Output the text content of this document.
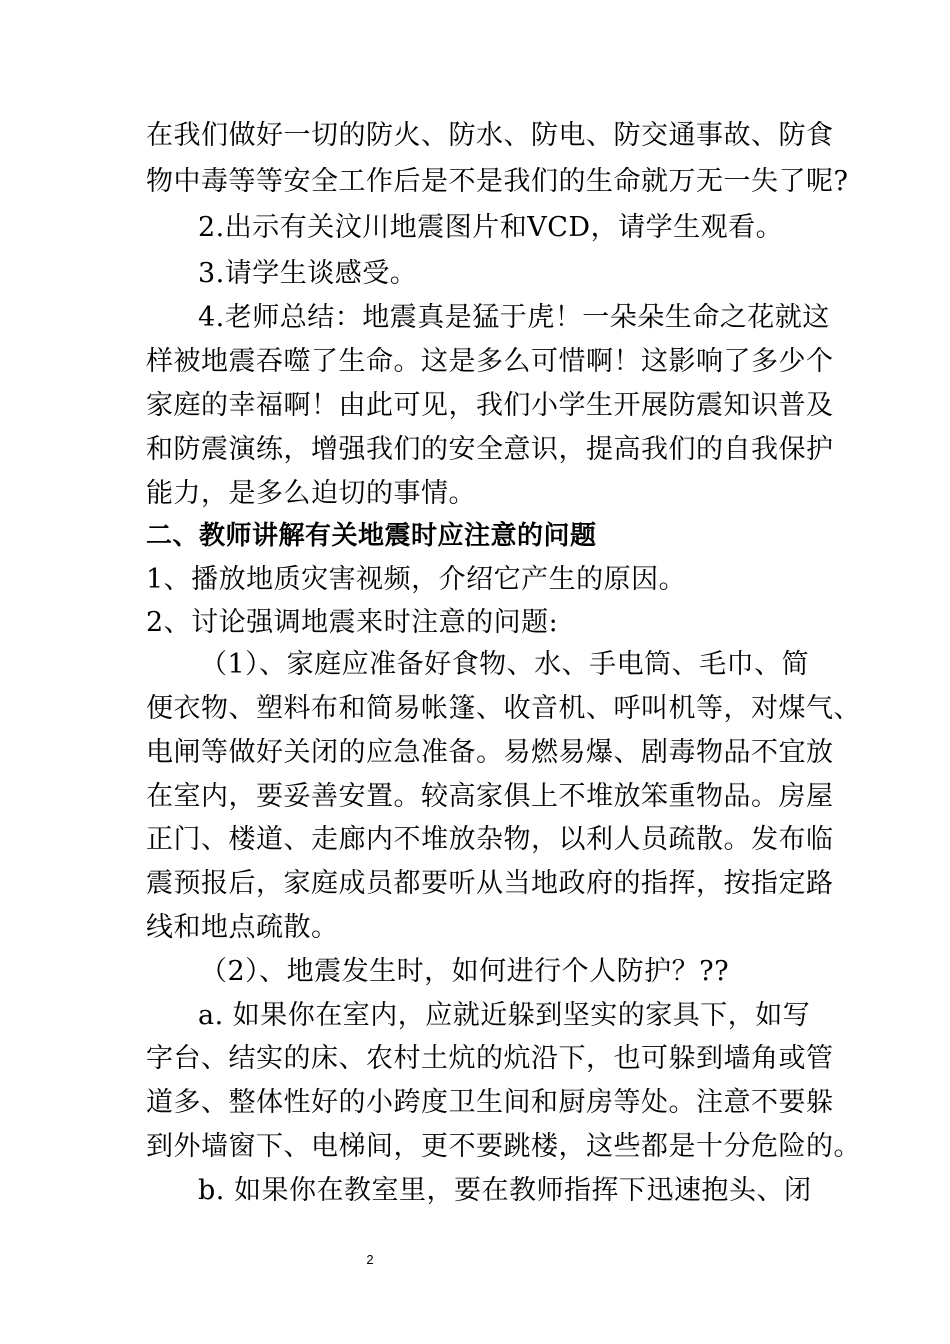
在我们做好一切的防火、防水、防电、防交通事故、防食
物中毒等等安全工作后是不是我们的生命就万无一失了呢?
2.出示有关汶川地震图片和VCD，请学生观看。
3.请学生谈感受。
4.老师总结：地震真是猛于虎！一朵朵生命之花就这
样被地震吞噬了生命。这是多么可惜啊！这影响了多少个
家庭的幸福啊！由此可见，我们小学生开展防震知识普及
和防震演练，增强我们的安全意识，提高我们的自我保护
能力，是多么迫切的事情。
二、教师讲解有关地震时应注意的问题
1、播放地质灾害视频，介绍它产生的原因。
2、讨论强调地震来时注意的问题:
（1）、家庭应准备好食物、水、手电筒、毛巾、简
便衣物、塑料布和简易帐篷、收音机、呼叫机等，对煤气、
电闸等做好关闭的应急准备。易燃易爆、剧毒物品不宜放
在室内，要妥善安置。较高家俱上不堆放笨重物品。房屋
正门、楼道、走廊内不堆放杂物，以利人员疏散。发布临
震预报后，家庭成员都要听从当地政府的指挥，按指定路
线和地点疏散。
（2）、地震发生时，如何进行个人防护？??
a. 如果你在室内，应就近躲到坚实的家具下，如写
字台、结实的床、农村土炕的炕沿下，也可躲到墙角或管
道多、整体性好的小跨度卫生间和厨房等处。注意不要躲
到外墙窗下、电梯间，更不要跳楼，这些都是十分危险的。
b. 如果你在教室里，要在教师指挥下迅速抱头、闭
2
